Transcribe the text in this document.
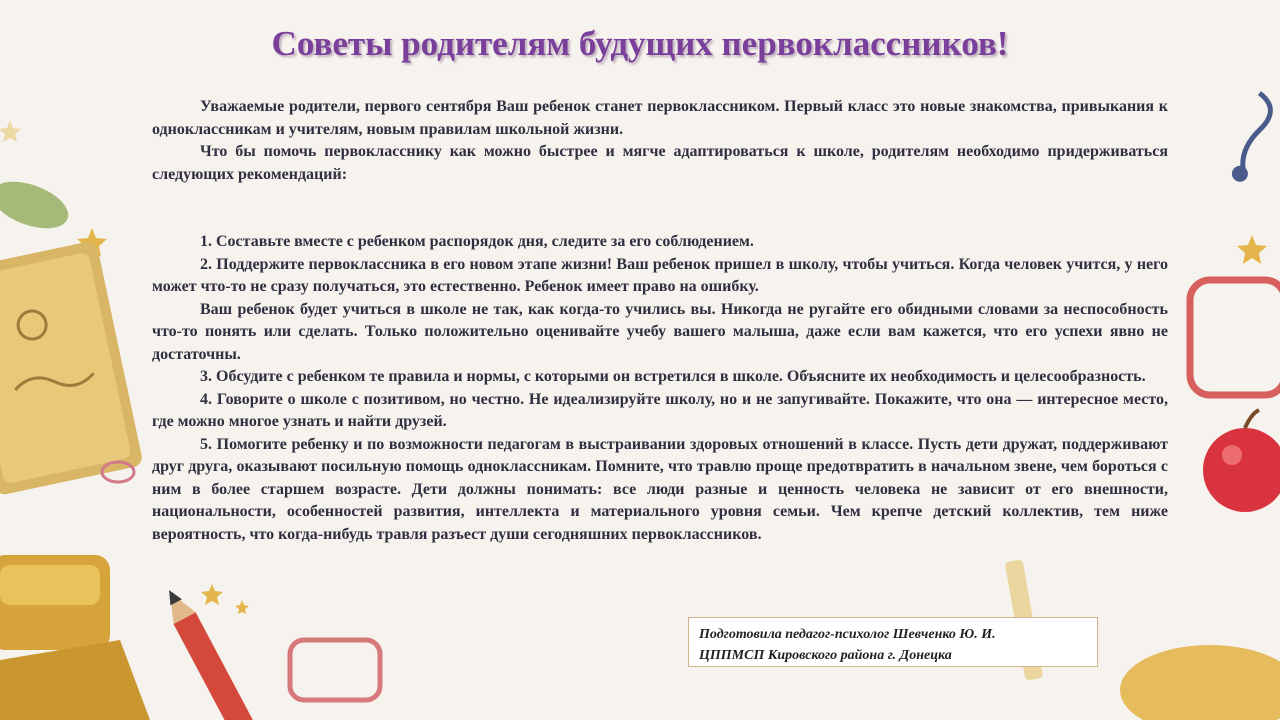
Советы родителям будущих первоклассников!

Уважаемые родители, первого сентября Ваш ребенок станет первоклассником. Первый класс это новые знакомства, привыкания к одноклассникам и учителям, новым правилам школьной жизни.

Что бы помочь первокласснику как можно быстрее и мягче адаптироваться к школе, родителям необходимо придерживаться следующих рекомендаций:

1. Составьте вместе с ребенком распорядок дня, следите за его соблюдением.

2. Поддержите первоклассника в его новом этапе жизни! Ваш ребенок пришел в школу, чтобы учиться. Когда человек учится, у него может что-то не сразу получаться, это естественно. Ребенок имеет право на ошибку.

Ваш ребенок будет учиться в школе не так, как когда-то учились вы. Никогда не ругайте его обидными словами за неспособность что-то понять или сделать. Только положительно оценивайте учебу вашего малыша, даже если вам кажется, что его успехи явно не достаточны.

3. Обсудите с ребенком те правила и нормы, с которыми он встретился в школе. Объясните их необходимость и целесообразность.

4. Говорите о школе с позитивом, но честно. Не идеализируйте школу, но и не запугивайте. Покажите, что она — интересное место, где можно многое узнать и найти друзей.

5. Помогите ребенку и по возможности педагогам в выстраивании здоровых отношений в классе. Пусть дети дружат, поддерживают друг друга, оказывают посильную помощь одноклассникам. Помните, что травлю проще предотвратить в начальном звене, чем бороться с ним в более старшем возрасте. Дети должны понимать: все люди разные и ценность человека не зависит от его внешности, национальности, особенностей развития, интеллекта и материального уровня семьи. Чем крепче детский коллектив, тем ниже вероятность, что когда-нибудь травля разъест души сегодняшних первоклассников.

Подготовила педагог-психолог Шевченко Ю. И.
ЦППМСП Кировского района г. Донецка
